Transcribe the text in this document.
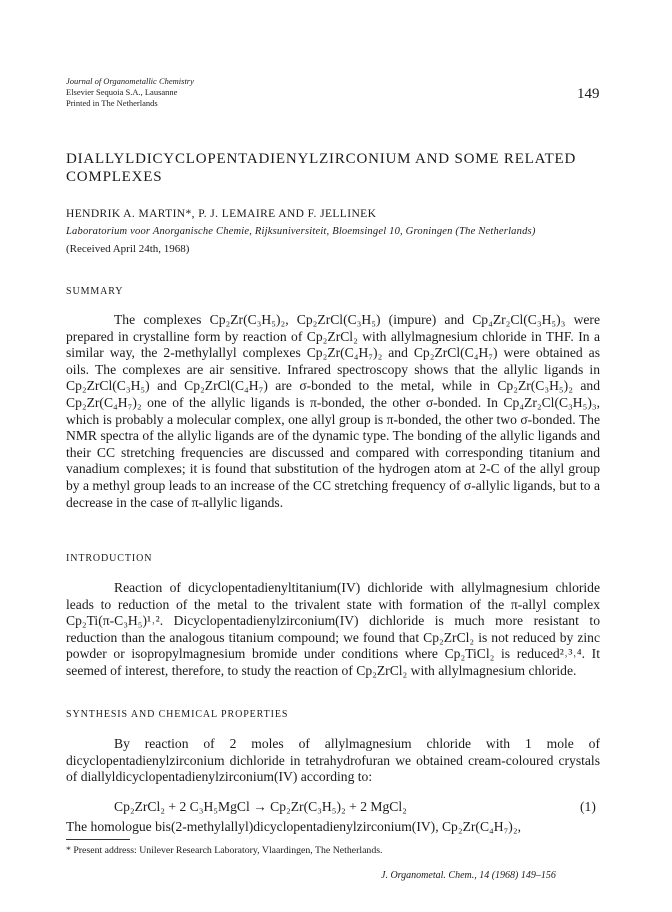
Journal of Organometallic Chemistry
Elsevier Sequoia S.A., Lausanne
Printed in The Netherlands
149
DIALLYLDICYCLOPENTADIENYLZIRCONIUM AND SOME RELATED
COMPLEXES
HENDRIK A. MARTIN*, P. J. LEMAIRE AND F. JELLINEK
Laboratorium voor Anorganische Chemie, Rijksuniversiteit, Bloemsingel 10, Groningen (The Netherlands)
(Received April 24th, 1968)
SUMMARY
The complexes Cp₂Zr(C₃H₅)₂, Cp₂ZrCl(C₃H₅) (impure) and Cp₄Zr₂Cl(C₃H₅)₃ were prepared in crystalline form by reaction of Cp₂ZrCl₂ with allylmagnesium chloride in THF. In a similar way, the 2-methylallyl complexes Cp₂Zr(C₄H₇)₂ and Cp₂ZrCl(C₄H₇) were obtained as oils. The complexes are air sensitive. Infrared spectroscopy shows that the allylic ligands in Cp₂ZrCl(C₃H₅) and Cp₂ZrCl(C₄H₇) are σ-bonded to the metal, while in Cp₂Zr(C₃H₅)₂ and Cp₂Zr(C₄H₇)₂ one of the allylic ligands is π-bonded, the other σ-bonded. In Cp₄Zr₂Cl(C₃H₅)₃, which is probably a molecular complex, one allyl group is π-bonded, the other two σ-bonded. The NMR spectra of the allylic ligands are of the dynamic type. The bonding of the allylic ligands and their CC stretching frequencies are discussed and compared with corresponding titanium and vanadium complexes; it is found that substitution of the hydrogen atom at 2-C of the allyl group by a methyl group leads to an increase of the CC stretching frequency of σ-allylic ligands, but to a decrease in the case of π-allylic ligands.
INTRODUCTION
Reaction of dicyclopentadienyltitanium(IV) dichloride with allylmagnesium chloride leads to reduction of the metal to the trivalent state with formation of the π-allyl complex Cp₂Ti(π-C₃H₅)¹˒². Dicyclopentadienylzirconium(IV) dichloride is much more resistant to reduction than the analogous titanium compound; we found that Cp₂ZrCl₂ is not reduced by zinc powder or isopropylmagnesium bromide under conditions where Cp₂TiCl₂ is reduced²˒³˒⁴. It seemed of interest, therefore, to study the reaction of Cp₂ZrCl₂ with allylmagnesium chloride.
SYNTHESIS AND CHEMICAL PROPERTIES
By reaction of 2 moles of allylmagnesium chloride with 1 mole of dicyclopentadienylzirconium dichloride in tetrahydrofuran we obtained cream-coloured crystals of diallyldicyclopentadienylzirconium(IV) according to:
Cp₂ZrCl₂ + 2 C₃H₅MgCl → Cp₂Zr(C₃H₅)₂ + 2 MgCl₂	(1)
The homologue bis(2-methylallyl)dicyclopentadienylzirconium(IV), Cp₂Zr(C₄H₇)₂,
* Present address: Unilever Research Laboratory, Vlaardingen, The Netherlands.
J. Organometal. Chem., 14 (1968) 149–156
